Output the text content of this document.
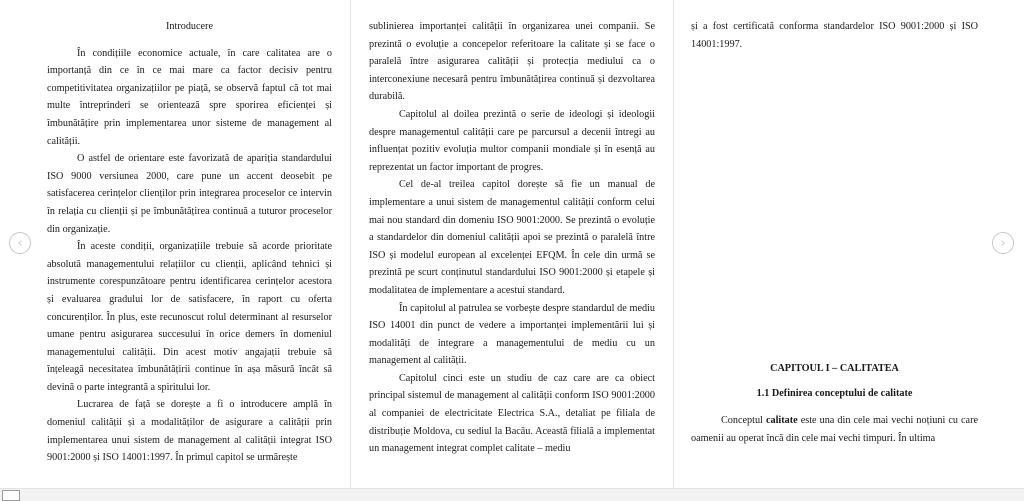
Introducere

În condițiile economice actuale, în care calitatea are o importanță din ce în ce mai mare ca factor decisiv pentru competitivitatea organizațiilor pe piață, se observă faptul că tot mai multe întreprinderi se orientează spre sporirea eficienței și îmbunătățire prin implementarea unor sisteme de management al calității.

O astfel de orientare este favorizată de apariția standardului ISO 9000 versiunea 2000, care pune un accent deosebit pe satisfacerea cerințelor clienților prin integrarea proceselor ce intervin în relația cu clienții și pe îmbunătățirea continuă a tuturor proceselor din organizație.

În aceste condiții, organizațiile trebuie să acorde prioritate absolută managementului relațiilor cu clienții, aplicând tehnici și instrumente corespunzătoare pentru identificarea cerințelor acestora și evaluarea gradului lor de satisfacere, în raport cu oferta concurenților. În plus, este recunoscut rolul determinant al resurselor umane pentru asigurarea succesului în orice demers în domeniul managementului calității. Din acest motiv angajații trebuie să înțeleagă necesitatea îmbunătățirii continue în așa măsură încât să devină o parte integrantă a spiritului lor.

Lucrarea de față se dorește a fi o introducere amplă în domeniul calității și a modalităților de asigurare a calității prin implementarea unui sistem de management al calității integrat ISO 9001:2000 și ISO 14001:1997. În primul capitol se urmărește

sublinierea importanței calității în organizarea unei companii. Se prezintă o evoluție a concepelor referitoare la calitate și se face o paralelă între asigurarea calității și protecția mediului ca o interconexiune necesară pentru îmbunătățirea continuă și dezvoltarea durabilă.

Capitolul al doilea prezintă o serie de ideologi și ideologii despre managementul calității care pe parcursul a decenii întregi au influențat pozitiv evoluția multor companii mondiale și în esență au reprezentat un factor important de progres.

Cel de-al treilea capitol dorește să fie un manual de implementare a unui sistem de managementul calității conform celui mai nou standard din domeniu ISO 9001:2000. Se prezintă o evoluție a standardelor din domeniul calității apoi se prezintă o paralelă între ISO și modelul european al excelenței EFQM. În cele din urmă se prezintă pe scurt conținutul standardului ISO 9001:2000 și etapele și modalitatea de implementare a acestui standard.

În capitolul al patrulea se vorbește despre standardul de mediu ISO 14001 din punct de vedere a importanței implementării lui și modalități de integrare a managementului de mediu cu un management al calității.

Capitolul cinci este un studiu de caz care are ca obiect principal sistemul de management al calității conform ISO 9001:2000 al companiei de electricitate Electrica S.A., detaliat pe filiala de distribuție Moldova, cu sediul la Bacău. Această filială a implementat un management integrat complet calitate – mediu

și a fost certificată conforma standardelor ISO 9001:2000 și ISO 14001:1997.

CAPITOUL I – CALITATEA
1.1 Definirea conceptului de calitate

Conceptul calitate este una din cele mai vechi noțiuni cu care oamenii au operat încă din cele mai vechi timpuri. În ultima

‹	›
